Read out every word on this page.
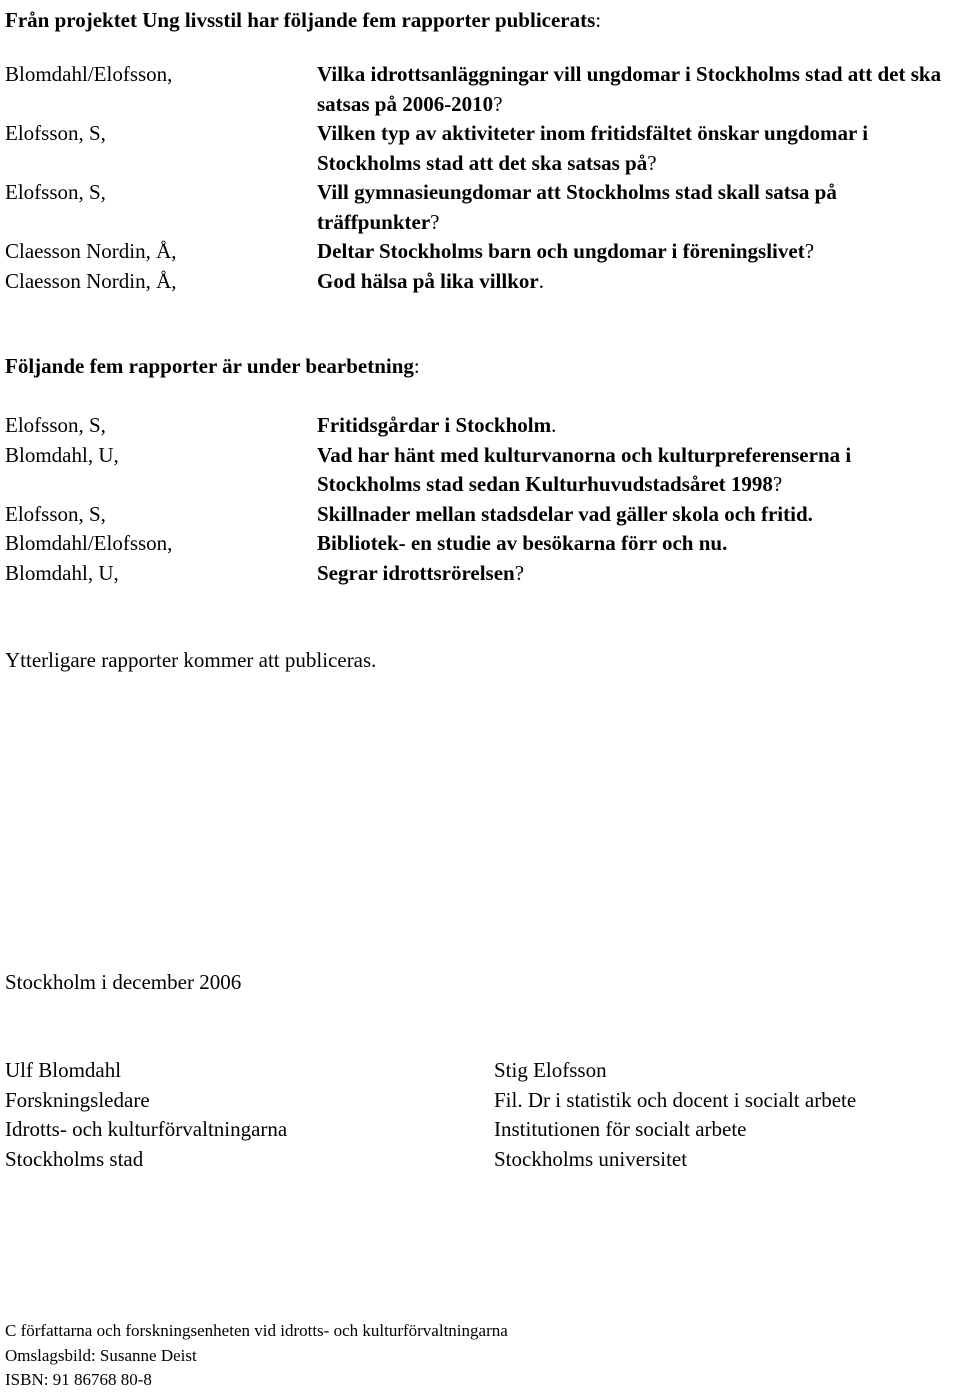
Från projektet Ung livsstil har följande fem rapporter publicerats:
Blomdahl/Elofsson,	Vilka idrottsanläggningar vill ungdomar i Stockholms stad att det ska satsas på 2006-2010?
Elofsson, S,	Vilken typ av aktiviteter inom fritidsfältet önskar ungdomar i Stockholms stad att det ska satsas på?
Elofsson, S,	Vill gymnasieungdomar att Stockholms stad skall satsa på träffpunkter?
Claesson Nordin, Å,	Deltar Stockholms barn och ungdomar i föreningslivet?
Claesson Nordin, Å,	God hälsa på lika villkor.
Följande fem rapporter är under bearbetning:
Elofsson, S,	Fritidsgårdar i Stockholm.
Blomdahl, U,	Vad har hänt med kulturvanorna och kulturpreferenserna i Stockholms stad sedan Kulturhuvudstadsåret 1998?
Elofsson, S,	Skillnader mellan stadsdelar vad gäller skola och fritid.
Blomdahl/Elofsson,	Bibliotek- en studie av besökarna förr och nu.
Blomdahl, U,	Segrar idrottsrörelsen?
Ytterligare rapporter kommer att publiceras.
Stockholm i december 2006
Ulf Blomdahl
Forskningsledare
Idrotts- och kulturförvaltningarna
Stockholms stad
Stig Elofsson
Fil. Dr i statistik och docent i socialt arbete
Institutionen för socialt arbete
Stockholms universitet
C författarna och forskningsenheten vid idrotts- och kulturförvaltningarna
Omslagsbild: Susanne Deist
ISBN: 91 86768 80-8
